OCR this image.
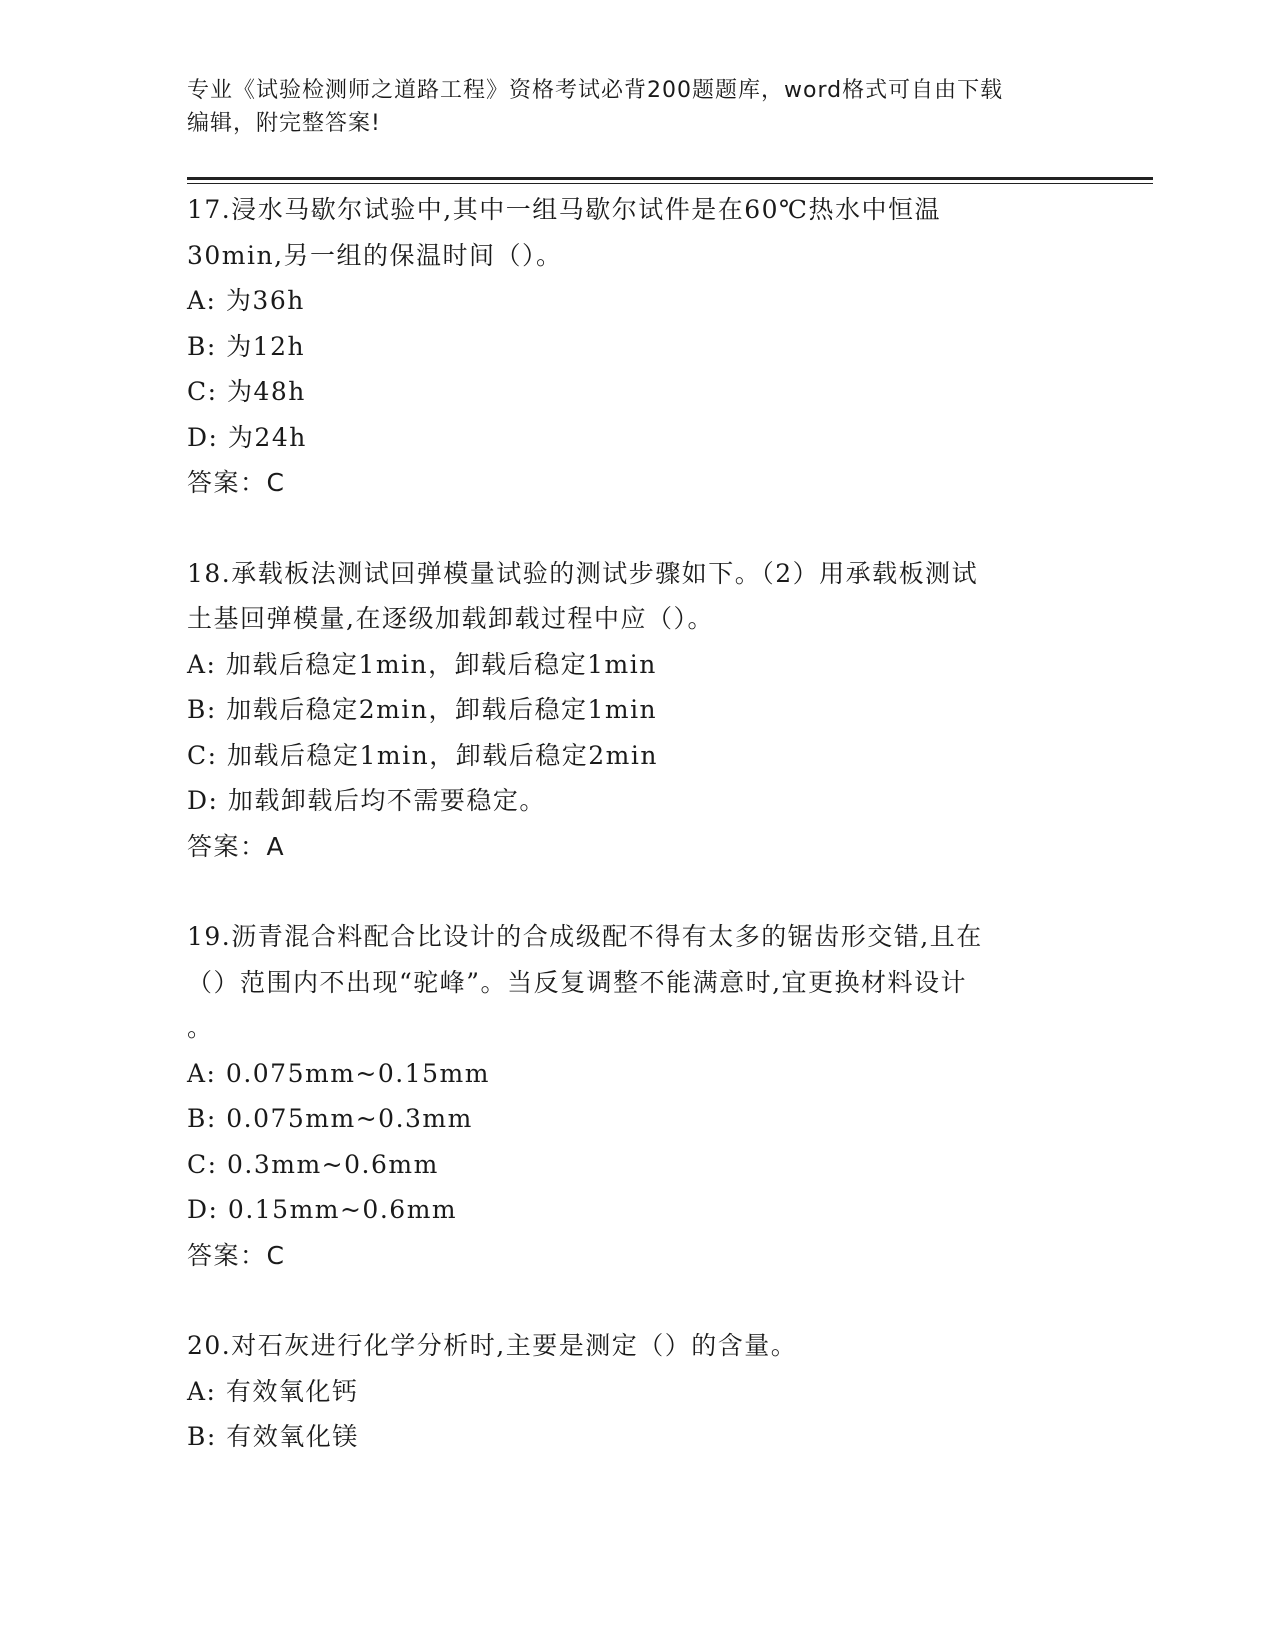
专业《试验检测师之道路工程》资格考试必背200题题库，word格式可自由下载
编辑，附完整答案!
17.浸水马歇尔试验中,其中一组马歇尔试件是在60℃热水中恒温
30min,另一组的保温时间（）。
A: 为36h
B: 为12h
C: 为48h
D: 为24h
答案：C
18.承载板法测试回弹模量试验的测试步骤如下。（2）用承载板测试
土基回弹模量,在逐级加载卸载过程中应（）。
A: 加载后稳定1min，卸载后稳定1min
B: 加载后稳定2min，卸载后稳定1min
C: 加载后稳定1min，卸载后稳定2min
D: 加载卸载后均不需要稳定。
答案：A
19.沥青混合料配合比设计的合成级配不得有太多的锯齿形交错,且在
（）范围内不出现“驼峰”。当反复调整不能满意时,宜更换材料设计
。
A: 0.075mm~0.15mm
B: 0.075mm~0.3mm
C: 0.3mm~0.6mm
D: 0.15mm~0.6mm
答案：C
20.对石灰进行化学分析时,主要是测定（）的含量。
A: 有效氧化钙
B: 有效氧化镁
